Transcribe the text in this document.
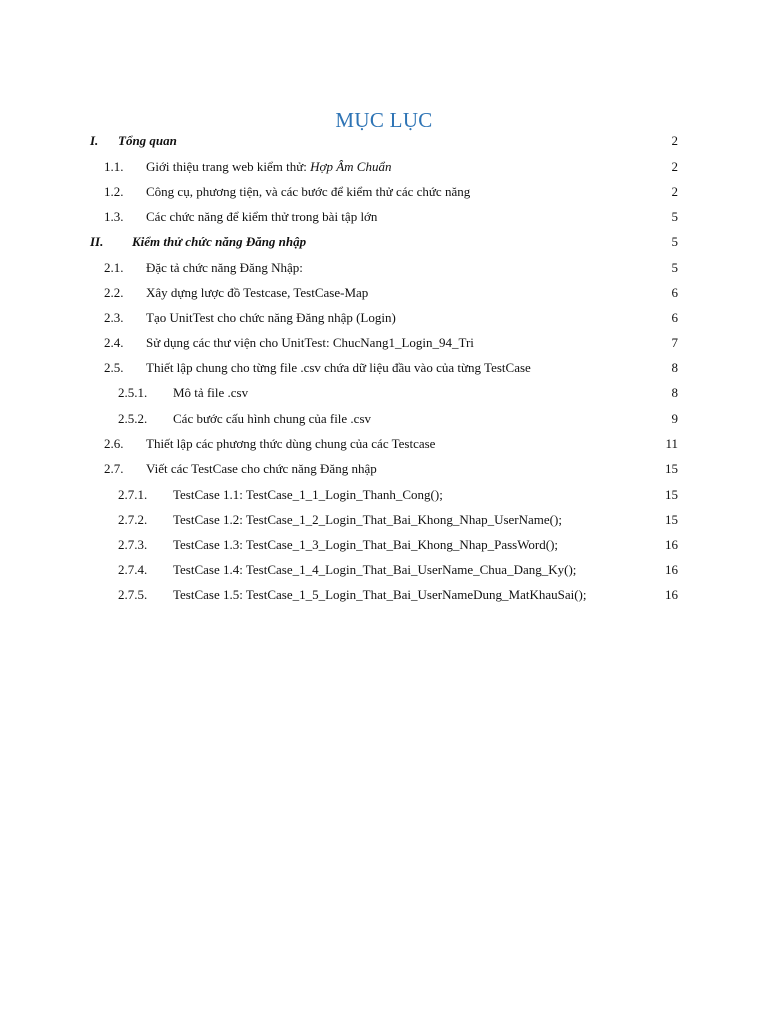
MỤC LỤC
I.	Tổng quan	2
1.1.	Giới thiệu trang web kiểm thử: Hợp Âm Chuẩn	2
1.2.	Công cụ, phương tiện, và các bước để kiểm thử các chức năng	2
1.3.	Các chức năng để kiểm thử trong bài tập lớn	5
II.	Kiểm thử chức năng Đăng nhập	5
2.1.	Đặc tả chức năng Đăng Nhập:	5
2.2.	Xây dựng lược đồ Testcase, TestCase-Map	6
2.3.	Tạo UnitTest cho chức năng Đăng nhập (Login)	6
2.4.	Sử dụng các thư viện cho UnitTest: ChucNang1_Login_94_Tri	7
2.5.	Thiết lập chung cho từng file .csv chứa dữ liệu đầu vào của từng TestCase	8
2.5.1.	Mô tả file .csv	8
2.5.2.	Các bước cấu hình chung của file .csv	9
2.6.	Thiết lập các phương thức dùng chung của các Testcase	11
2.7.	Viết các TestCase cho chức năng Đăng nhập	15
2.7.1.	TestCase 1.1: TestCase_1_1_Login_Thanh_Cong();	15
2.7.2.	TestCase 1.2: TestCase_1_2_Login_That_Bai_Khong_Nhap_UserName();	15
2.7.3.	TestCase 1.3: TestCase_1_3_Login_That_Bai_Khong_Nhap_PassWord();	16
2.7.4.	TestCase 1.4: TestCase_1_4_Login_That_Bai_UserName_Chua_Dang_Ky();	16
2.7.5.	TestCase 1.5: TestCase_1_5_Login_That_Bai_UserNameDung_MatKhauSai();	16
